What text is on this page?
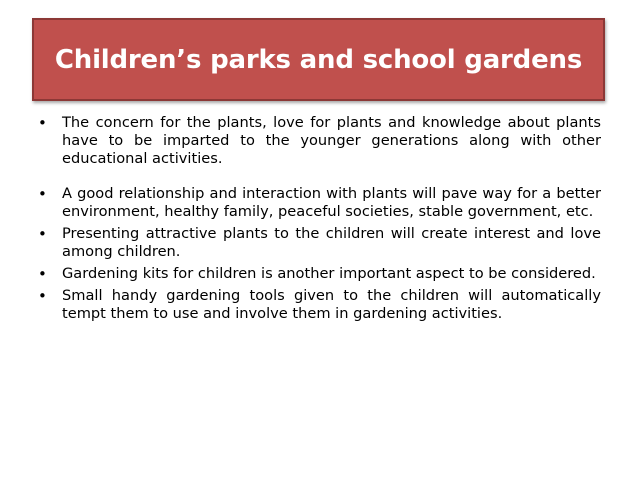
Children’s parks and school gardens
• The concern for the plants, love for plants and knowledge about plants have to be imparted to the younger generations along with other educational activities.
• A good relationship and interaction with plants will pave way for a better environment, healthy family, peaceful societies, stable government, etc.
• Presenting attractive plants to the children will create interest and love among children.
• Gardening kits for children is another important aspect to be considered.
• Small handy gardening tools given to the children will automatically tempt them to use and involve them in gardening activities.
